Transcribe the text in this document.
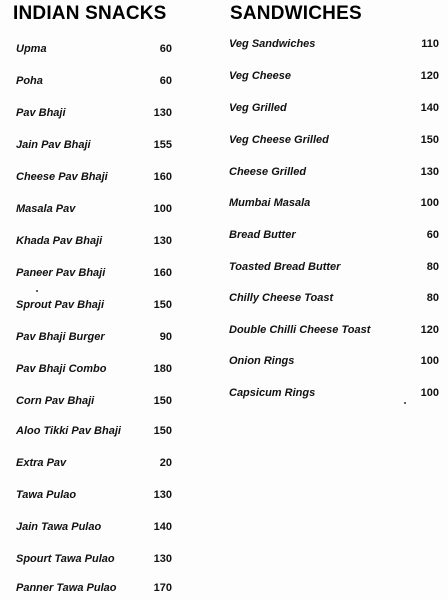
INDIAN SNACKS
Upma	60
Poha	60
Pav Bhaji	130
Jain Pav Bhaji	155
Cheese Pav Bhaji	160
Masala Pav	100
Khada Pav Bhaji	130
Paneer Pav Bhaji	160
Sprout Pav Bhaji	150
Pav Bhaji Burger	90
Pav Bhaji Combo	180
Corn Pav Bhaji	150
Aloo Tikki Pav Bhaji	150
Extra Pav	20
Tawa Pulao	130
Jain Tawa Pulao	140
Spourt Tawa Pulao	130
Panner Tawa Pulao	170
SANDWICHES
Veg Sandwiches	110
Veg Cheese	120
Veg Grilled	140
Veg Cheese Grilled	150
Cheese Grilled	130
Mumbai Masala	100
Bread Butter	60
Toasted Bread Butter	80
Chilly Cheese Toast	80
Double Chilli Cheese Toast	120
Onion Rings	100
Capsicum Rings	100
